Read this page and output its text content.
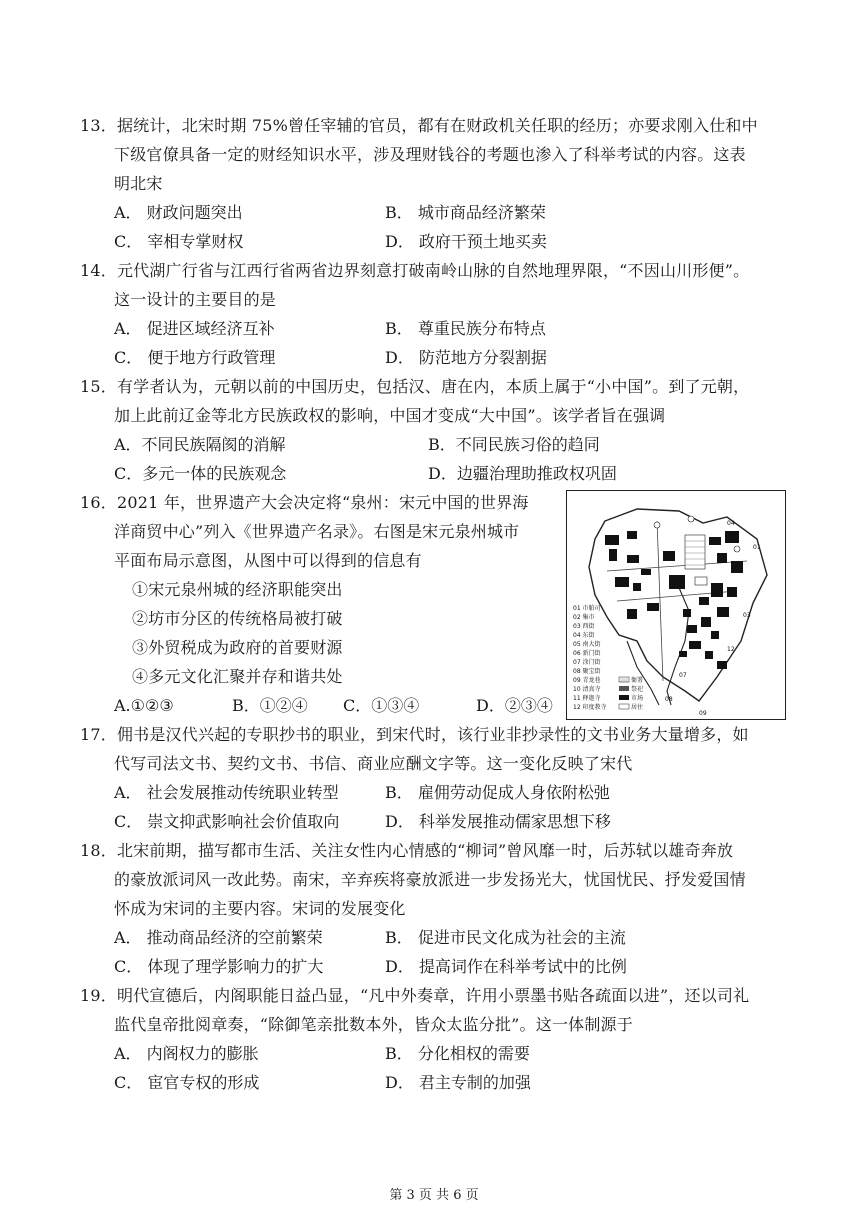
13．据统计，北宋时期 75%曾任宰辅的官员，都有在财政机关任职的经历；亦要求刚入仕和中
下级官僚具备一定的财经知识水平，涉及理财钱谷的考题也渗入了科举考试的内容。这表
明北宋
A． 财政问题突出	B． 城市商品经济繁荣
C． 宰相专掌财权	D． 政府干预土地买卖
14．元代湖广行省与江西行省两省边界刻意打破南岭山脉的自然地理界限，“不因山川形便”。
这一设计的主要目的是
A． 促进区域经济互补	B． 尊重民族分布特点
C． 便于地方行政管理	D． 防范地方分裂割据
15．有学者认为，元朝以前的中国历史，包括汉、唐在内，本质上属于“小中国”。到了元朝，
加上此前辽金等北方民族政权的影响，中国才变成“大中国”。该学者旨在强调
A．不同民族隔阂的消解	B．不同民族习俗的趋同
C．多元一体的民族观念	D．边疆治理助推政权巩固
16．2021 年，世界遗产大会决定将“泉州：宋元中国的世界海
洋商贸中心”列入《世界遗产名录》。右图是宋元泉州城市
平面布局示意图，从图中可以得到的信息有
①宋元泉州城的经济职能突出
②坊市分区的传统格局被打破
③外贸税成为政府的首要财源
④多元文化汇聚并存和谐共处
A.①②③	B．①②④ C．①③④	D．②③④
04
01
03
07
08
09
12
01 市舶司
02 集市
03 西街
04 东街
05 南大街
06 新门街
07 涂门街
08 聚宝街
09 青龙巷
10 清真寺
11 释迦寺
12 印度教寺
衙署
祭祀
市场
居住
17．佣书是汉代兴起的专职抄书的职业，到宋代时，该行业非抄录性的文书业务大量增多，如
代写司法文书、契约文书、书信、商业应酬文字等。这一变化反映了宋代
A． 社会发展推动传统职业转型	B． 雇佣劳动促成人身依附松弛
C． 崇文抑武影响社会价值取向	D． 科举发展推动儒家思想下移
18．北宋前期，描写都市生活、关注女性内心情感的“柳词”曾风靡一时，后苏轼以雄奇奔放
的豪放派词风一改此势。南宋，辛弃疾将豪放派进一步发扬光大，忧国忧民、抒发爱国情
怀成为宋词的主要内容。宋词的发展变化
A． 推动商品经济的空前繁荣	B． 促进市民文化成为社会的主流
C． 体现了理学影响力的扩大	D． 提高词作在科举考试中的比例
19．明代宣德后，内阁职能日益凸显，“凡中外奏章，许用小票墨书贴各疏面以进”，还以司礼
监代皇帝批阅章奏，“除御笔亲批数本外，皆众太监分批”。这一体制源于
A． 内阁权力的膨胀	B． 分化相权的需要
C． 宦官专权的形成	D． 君主专制的加强
第 3 页 共 6 页
